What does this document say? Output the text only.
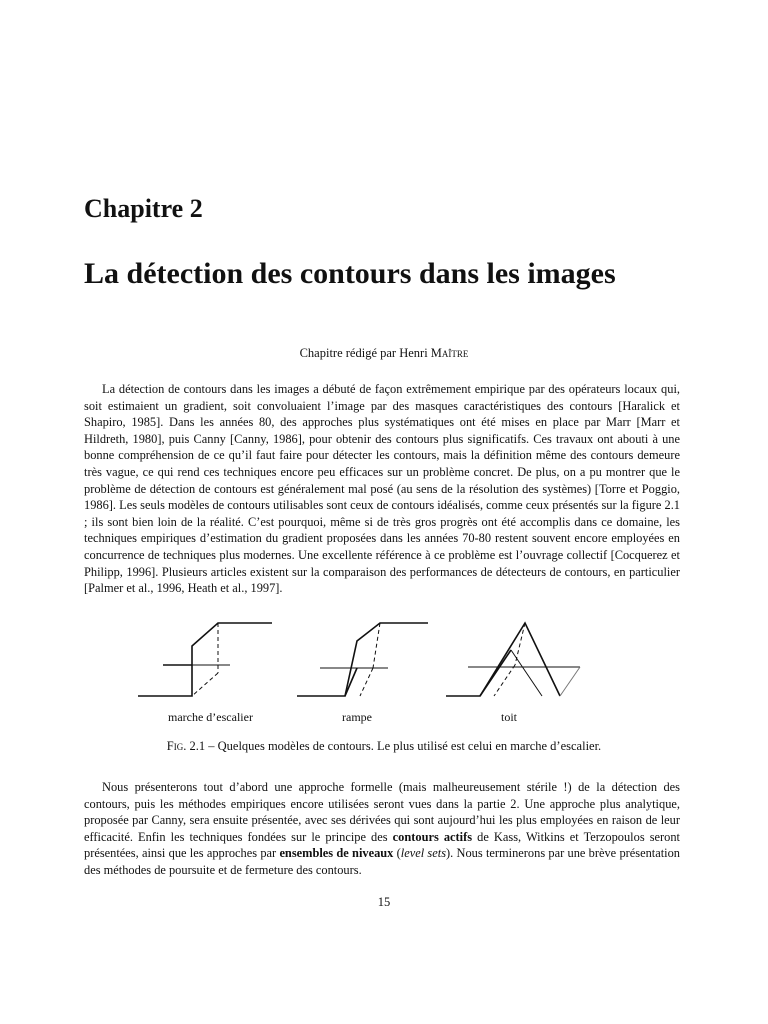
Chapitre 2
La détection des contours dans les images
Chapitre rédigé par Henri Maître

La détection de contours dans les images a débuté de façon extrêmement empirique par des opérateurs locaux qui, soit estimaient un gradient, soit convoluaient l’image par des masques caractéristiques des contours [Haralick et Shapiro, 1985]. Dans les années 80, des approches plus systématiques ont été mises en place par Marr [Marr et Hildreth, 1980], puis Canny [Canny, 1986], pour obtenir des contours plus significatifs. Ces travaux ont abouti à une bonne compréhension de ce qu’il faut faire pour détecter les contours, mais la définition même des contours demeure très vague, ce qui rend ces techniques encore peu efficaces sur un problème concret. De plus, on a pu montrer que le problème de détection de contours est généralement mal posé (au sens de la résolution des systèmes) [Torre et Poggio, 1986]. Les seuls modèles de contours utilisables sont ceux de contours idéalisés, comme ceux présentés sur la figure 2.1 ; ils sont bien loin de la réalité. C’est pourquoi, même si de très gros progrès ont été accomplis dans ce domaine, les techniques empiriques d’estimation du gradient proposées dans les années 70-80 restent souvent encore employées en concurrence de techniques plus modernes. Une excellente référence à ce problème est l’ouvrage collectif [Cocquerez et Philipp, 1996]. Plusieurs articles existent sur la comparaison des performances de détecteurs de contours, en particulier [Palmer et al., 1996, Heath et al., 1997].

marche d’escalier	rampe	toit
Fig. 2.1 – Quelques modèles de contours. Le plus utilisé est celui en marche d’escalier.

Nous présenterons tout d’abord une approche formelle (mais malheureusement stérile !) de la détection des contours, puis les méthodes empiriques encore utilisées seront vues dans la partie 2. Une approche plus analytique, proposée par Canny, sera ensuite présentée, avec ses dérivées qui sont aujourd’hui les plus employées en raison de leur efficacité. Enfin les techniques fondées sur le principe des contours actifs de Kass, Witkins et Terzopoulos seront présentées, ainsi que les approches par ensembles de niveaux (level sets). Nous terminerons par une brève présentation des méthodes de poursuite et de fermeture des contours.

15
